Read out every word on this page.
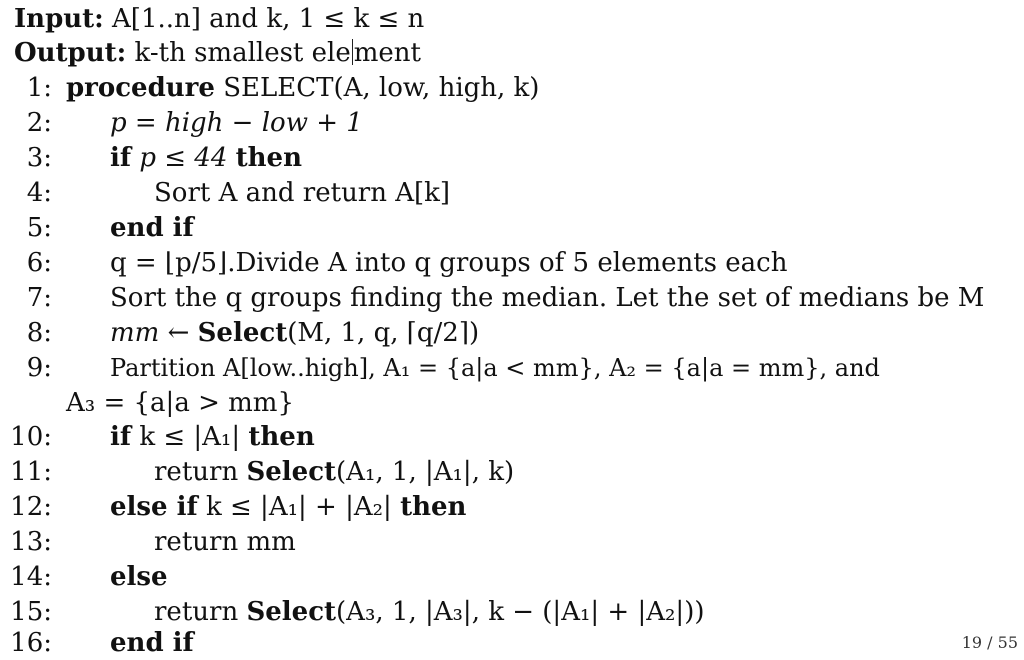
Input: A[1..n] and k, 1 ≤ k ≤ n
Output: k-th smallest ele ment
1: procedure SELECT(A, low, high, k)
2: p = high − low + 1
3: if p ≤ 44 then
4:	Sort A and return A[k]
5: end if
6: q = ⌊p/5⌋.Divide A into q groups of 5 elements each
7: Sort the q groups finding the median. Let the set of medians be M
8: mm ← Select(M, 1, q, ⌈q/2⌉)
9: Partition A[low..high], A₁ = {a|a < mm}, A₂ = {a|a = mm}, and
A₃ = {a|a > mm}
10: if k ≤ |A₁| then
11:	return Select(A₁, 1, |A₁|, k)
12: else if k ≤ |A₁| + |A₂| then
13:	return mm
14: else
15:	return Select(A₃, 1, |A₃|, k − (|A₁| + |A₂|))
16: end if	19 / 55
